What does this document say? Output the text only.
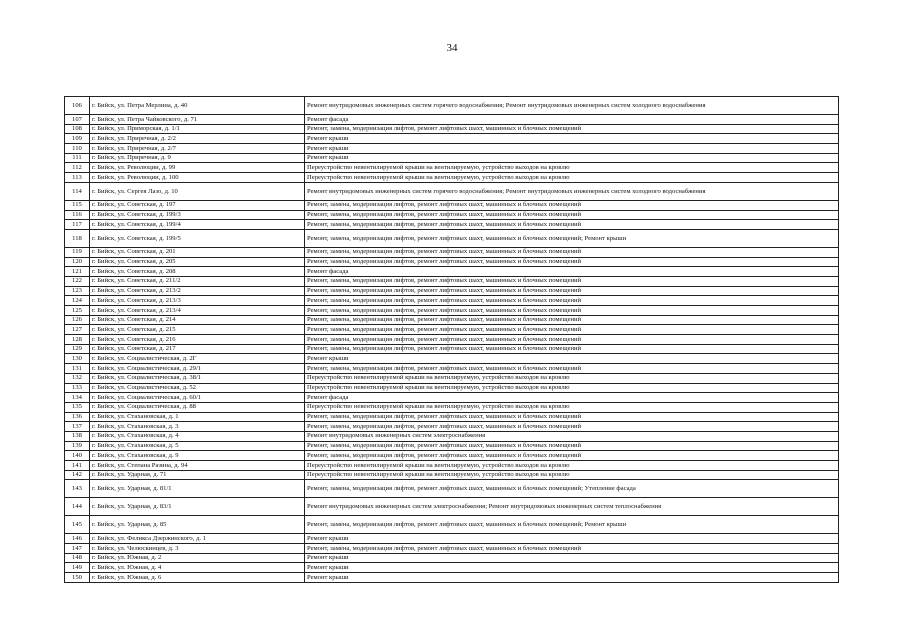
34
106	г. Бийск, ул. Петра Мерлина, д. 40	Ремонт внутридомовых инженерных систем горячего водоснабжения; Ремонт внутридомовых инженерных систем холодного водоснабжения
107	г. Бийск, ул. Петра Чайковского, д. 71	Ремонт фасада
108	г. Бийск, ул. Приморская, д. 1/1	Ремонт, замена, модернизация лифтов, ремонт лифтовых шахт, машинных и блочных помещений
109	г. Бийск, ул. Приречная, д. 2/2	Ремонт крыши
110	г. Бийск, ул. Приречная, д. 2/7	Ремонт крыши
111	г. Бийск, ул. Приречная, д. 9	Ремонт крыши
112	г. Бийск, ул. Революции, д. 99	Переустройство невентилируемой крыши на вентилируемую, устройство выходов на кровлю
113	г. Бийск, ул. Революции, д. 100	Переустройство невентилируемой крыши на вентилируемую, устройство выходов на кровлю
114	г. Бийск, ул. Сергея Лазо, д. 10	Ремонт внутридомовых инженерных систем горячего водоснабжения; Ремонт внутридомовых инженерных систем холодного водоснабжения
115	г. Бийск, ул. Советская, д. 197	Ремонт, замена, модернизация лифтов, ремонт лифтовых шахт, машинных и блочных помещений
116	г. Бийск, ул. Советская, д. 199/3	Ремонт, замена, модернизация лифтов, ремонт лифтовых шахт, машинных и блочных помещений
117	г. Бийск, ул. Советская, д. 199/4	Ремонт, замена, модернизация лифтов, ремонт лифтовых шахт, машинных и блочных помещений
118	г. Бийск, ул. Советская, д. 199/5	Ремонт, замена, модернизация лифтов, ремонт лифтовых шахт, машинных и блочных помещений; Ремонт крыши
119	г. Бийск, ул. Советская, д. 201	Ремонт, замена, модернизация лифтов, ремонт лифтовых шахт, машинных и блочных помещений
120	г. Бийск, ул. Советская, д. 205	Ремонт, замена, модернизация лифтов, ремонт лифтовых шахт, машинных и блочных помещений
121	г. Бийск, ул. Советская, д. 208	Ремонт фасада
122	г. Бийск, ул. Советская, д. 211/2	Ремонт, замена, модернизация лифтов, ремонт лифтовых шахт, машинных и блочных помещений
123	г. Бийск, ул. Советская, д. 213/2	Ремонт, замена, модернизация лифтов, ремонт лифтовых шахт, машинных и блочных помещений
124	г. Бийск, ул. Советская, д. 213/3	Ремонт, замена, модернизация лифтов, ремонт лифтовых шахт, машинных и блочных помещений
125	г. Бийск, ул. Советская, д. 213/4	Ремонт, замена, модернизация лифтов, ремонт лифтовых шахт, машинных и блочных помещений
126	г. Бийск, ул. Советская, д. 214	Ремонт, замена, модернизация лифтов, ремонт лифтовых шахт, машинных и блочных помещений
127	г. Бийск, ул. Советская, д. 215	Ремонт, замена, модернизация лифтов, ремонт лифтовых шахт, машинных и блочных помещений
128	г. Бийск, ул. Советская, д. 216	Ремонт, замена, модернизация лифтов, ремонт лифтовых шахт, машинных и блочных помещений
129	г. Бийск, ул. Советская, д. 217	Ремонт, замена, модернизация лифтов, ремонт лифтовых шахт, машинных и блочных помещений
130	г. Бийск, ул. Социалистическая, д. 2Г	Ремонт крыши
131	г. Бийск, ул. Социалистическая, д. 29/1	Ремонт, замена, модернизация лифтов, ремонт лифтовых шахт, машинных и блочных помещений
132	г. Бийск, ул. Социалистическая, д. 38/1	Переустройство невентилируемой крыши на вентилируемую, устройство выходов на кровлю
133	г. Бийск, ул. Социалистическая, д. 52	Переустройство невентилируемой крыши на вентилируемую, устройство выходов на кровлю
134	г. Бийск, ул. Социалистическая, д. 60/1	Ремонт фасада
135	г. Бийск, ул. Социалистическая, д. 88	Переустройство невентилируемой крыши на вентилируемую, устройство выходов на кровлю
136	г. Бийск, ул. Стахановская, д. 1	Ремонт, замена, модернизация лифтов, ремонт лифтовых шахт, машинных и блочных помещений
137	г. Бийск, ул. Стахановская, д. 3	Ремонт, замена, модернизация лифтов, ремонт лифтовых шахт, машинных и блочных помещений
138	г. Бийск, ул. Стахановская, д. 4	Ремонт внутридомовых инженерных систем электроснабжения
139	г. Бийск, ул. Стахановская, д. 5	Ремонт, замена, модернизация лифтов, ремонт лифтовых шахт, машинных и блочных помещений
140	г. Бийск, ул. Стахановская, д. 9	Ремонт, замена, модернизация лифтов, ремонт лифтовых шахт, машинных и блочных помещений
141	г. Бийск, ул. Степана Разина, д. 94	Переустройство невентилируемой крыши на вентилируемую, устройство выходов на кровлю
142	г. Бийск, ул. Ударная, д. 71	Переустройство невентилируемой крыши на вентилируемую, устройство выходов на кровлю
143	г. Бийск, ул. Ударная, д. 81/1	Ремонт, замена, модернизация лифтов, ремонт лифтовых шахт, машинных и блочных помещений; Утепление фасада
144	г. Бийск, ул. Ударная, д. 83/1	Ремонт внутридомовых инженерных систем электроснабжения; Ремонт внутридомовых инженерных систем теплоснабжения
145	г. Бийск, ул. Ударная, д. 85	Ремонт, замена, модернизация лифтов, ремонт лифтовых шахт, машинных и блочных помещений; Ремонт крыши
146	г. Бийск, ул. Феликса Дзержинского, д. 1	Ремонт крыши
147	г. Бийск, ул. Челюскинцев, д. 3	Ремонт, замена, модернизация лифтов, ремонт лифтовых шахт, машинных и блочных помещений
148	г. Бийск, ул. Южная, д. 2	Ремонт крыши
149	г. Бийск, ул. Южная, д. 4	Ремонт крыши
150	г. Бийск, ул. Южная, д. 6	Ремонт крыши
